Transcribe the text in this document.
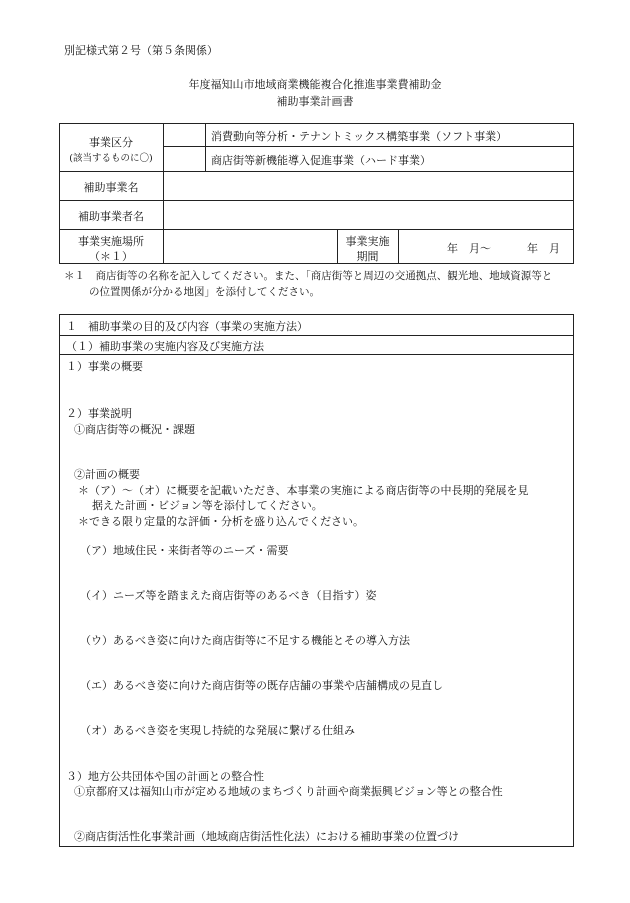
別記様式第２号（第５条関係）
年度福知山市地域商業機能複合化推進事業費補助金
補助事業計画書
事業区分
(該当するものに〇)
消費動向等分析・テナントミックス構築事業（ソフト事業）
商店街等新機能導入促進事業（ハード事業）
補助事業名
補助事業者名
事業実施場所
（＊１）
事業実施
期間
年　月〜	年　月
＊１　商店街等の名称を記入してください。また、「商店街等と周辺の交通拠点、観光地、地域資源等と
の位置関係が分かる地図」を添付してください。
１　補助事業の目的及び内容（事業の実施方法）
（１）補助事業の実施内容及び実施方法
１）事業の概要
２）事業説明
①商店街等の概況・課題
②計画の概要
＊（ア）〜（オ）に概要を記載いただき、本事業の実施による商店街等の中長期的発展を見
据えた計画・ビジョン等を添付してください。
＊できる限り定量的な評価・分析を盛り込んでください。
（ア）地域住民・来街者等のニーズ・需要
（イ）ニーズ等を踏まえた商店街等のあるべき（目指す）姿
（ウ）あるべき姿に向けた商店街等に不足する機能とその導入方法
（エ）あるべき姿に向けた商店街等の既存店舗の事業や店舗構成の見直し
（オ）あるべき姿を実現し持続的な発展に繋げる仕組み
３）地方公共団体や国の計画との整合性
①京都府又は福知山市が定める地域のまちづくり計画や商業振興ビジョン等との整合性
②商店街活性化事業計画（地域商店街活性化法）における補助事業の位置づけ
